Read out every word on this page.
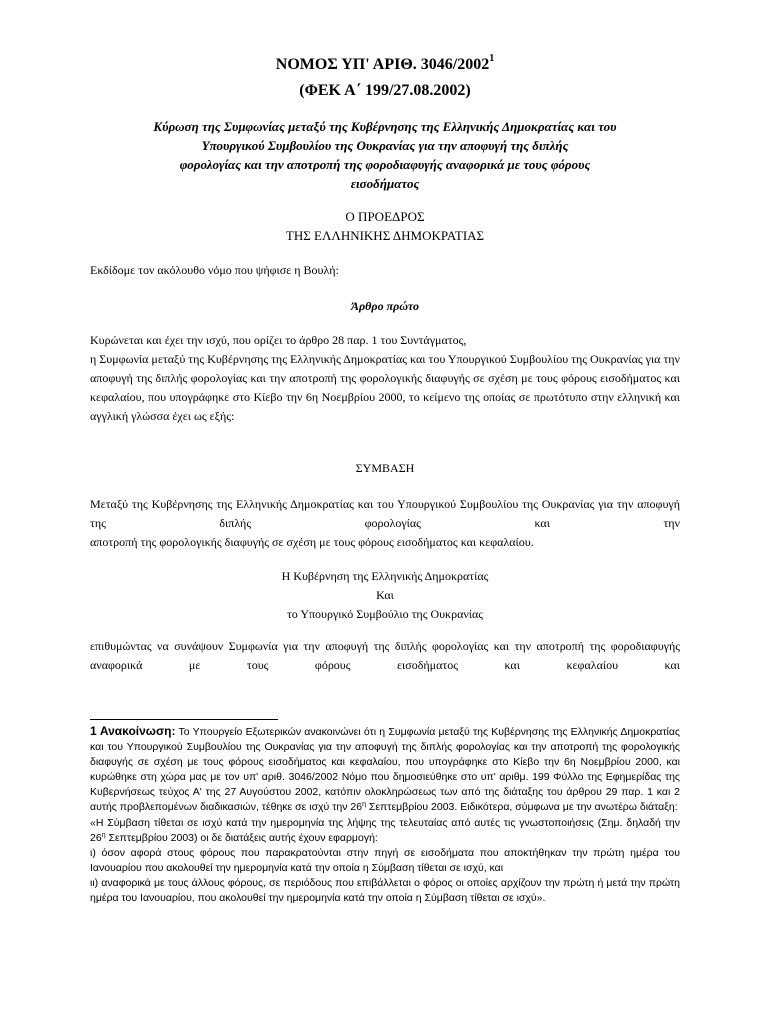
ΝΟΜΟΣ ΥΠ' ΑΡΙΘ. 3046/2002$^1$
(ΦΕΚ Α΄ 199/27.08.2002)
Κύρωση της Συμφωνίας μεταξύ της Κυβέρνησης της Ελληνικής Δημοκρατίας και του
Υπουργικού Συμβουλίου της Ουκρανίας για την αποφυγή της διπλής
φορολογίας και την αποτροπή της φοροδιαφυγής αναφορικά με τους φόρους
εισοδήματος
Ο ΠΡΟΕΔΡΟΣ
ΤΗΣ ΕΛΛΗΝΙΚΗΣ ΔΗΜΟΚΡΑΤΙΑΣ
Εκδίδομε τον ακόλουθο νόμο που ψήφισε η Βουλή:
Άρθρο πρώτο
Κυρώνεται και έχει την ισχύ, που ορίζει το άρθρο 28 παρ. 1 του Συντάγματος,
η Συμφωνία μεταξύ της Κυβέρνησης της Ελληνικής Δημοκρατίας και του Υπουργικού Συμβουλίου της Ουκρανίας για την αποφυγή της διπλής φορολογίας και την αποτροπή της φορολογικής διαφυγής σε σχέση με τους φόρους εισοδήματος και κεφαλαίου, που υπογράφηκε στο Κίεβο την 6η Νοεμβρίου 2000, το κείμενο της οποίας σε πρωτότυπο στην ελληνική και αγγλική γλώσσα έχει ως εξής:
ΣΥΜΒΑΣΗ
Μεταξύ της Κυβέρνησης της Ελληνικής Δημοκρατίας και του Υπουργικού Συμβουλίου της Ουκρανίας για την αποφυγή της διπλής φορολογίας και την
αποτροπή της φορολογικής διαφυγής σε σχέση με τους φόρους εισοδήματος και κεφαλαίου.
Η Κυβέρνηση της Ελληνικής Δημοκρατίας
Και
το Υπουργικό Συμβούλιο της Ουκρανίας
επιθυμώντας να συνάψουν Συμφωνία για την αποφυγή της διπλής φορολογίας και την αποτροπή της φοροδιαφυγής αναφορικά με τους φόρους εισοδήματος και κεφαλαίου και

1 Ανακοίνωση: Το Υπουργείο Εξωτερικών ανακοινώνει ότι η Συμφωνία μεταξύ της Κυβέρνησης της Ελληνικής Δημοκρατίας και του Υπουργικού Συμβουλίου της Ουκρανίας για την αποφυγή της διπλής φορολογίας και την αποτροπή της φορολογικής διαφυγής σε σχέση με τους φόρους εισοδήματος και κεφαλαίου, που υπογράφηκε στο Κίεβο την 6η Νοεμβρίου 2000, και κυρώθηκε στη χώρα μας με τον υπ' αριθ. 3046/2002 Νόμο που δημοσιεύθηκε στο υπ' αριθμ. 199 Φύλλο της Εφημερίδας της Κυβερνήσεως τεύχος Α' της 27 Αυγούστου 2002, κατόπιν ολοκληρώσεως των από της διάταξης του άρθρου 29 παρ. 1 και 2 αυτής προβλεπομένων διαδικασιών, τέθηκε σε ισχύ την $26^\eta$ Σεπτεμβρίου 2003. Ειδικότερα, σύμφωνα με την ανωτέρω διάταξη:

«Η Σύμβαση τίθεται σε ισχύ κατά την ημερομηνία της λήψης της τελευταίας από αυτές τις γνωστοποιήσεις (Σημ. δηλαδή την $26^\eta$ Σεπτεμβρίου 2003) οι δε διατάξεις αυτής έχουν εφαρμογή:

ι) όσον αφορά στους φόρους που παρακρατούνται στην πηγή σε εισοδήματα που αποκτήθηκαν την πρώτη ημέρα του Ιανουαρίου που ακολουθεί την ημερομηνία κατά την οποία η Σύμβαση τίθεται σε ισχύ, και

ιι) αναφορικά με τους άλλους φόρους, σε περιόδους που επιβάλλεται ο φόρος οι οποίες αρχίζουν την πρώτη ή μετά την πρώτη ημέρα του Ιανουαρίου, που ακολουθεί την ημερομηνία κατά την οποία η Σύμβαση τίθεται σε ισχύ».
